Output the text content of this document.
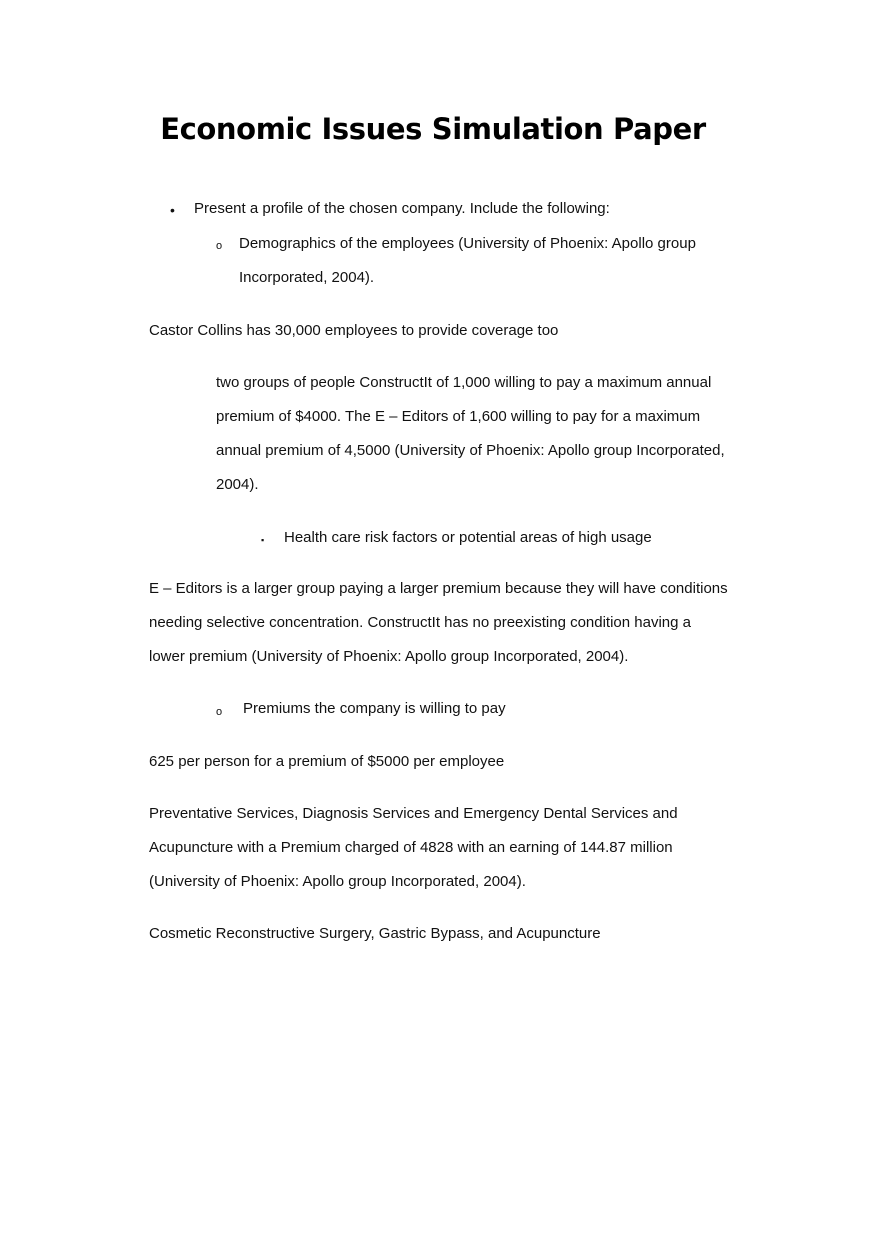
Economic Issues Simulation Paper
• Present a profile of the chosen company. Include the following:
o Demographics of the employees (University of Phoenix: Apollo group
Incorporated, 2004).
Castor Collins has 30,000 employees to provide coverage too
two groups of people ConstructIt of 1,000 willing to pay a maximum annual
premium of $4000. The E – Editors of 1,600 willing to pay for a maximum
annual premium of 4,5000 (University of Phoenix: Apollo group Incorporated,
2004).
▪ Health care risk factors or potential areas of high usage
E – Editors is a larger group paying a larger premium because they will have conditions
needing selective concentration. ConstructIt has no preexisting condition having a
lower premium (University of Phoenix: Apollo group Incorporated, 2004).
o Premiums the company is willing to pay
625 per person for a premium of $5000 per employee
Preventative Services, Diagnosis Services and Emergency Dental Services and
Acupuncture with a Premium charged of 4828 with an earning of 144.87 million
(University of Phoenix: Apollo group Incorporated, 2004).
Cosmetic Reconstructive Surgery, Gastric Bypass, and Acupuncture
